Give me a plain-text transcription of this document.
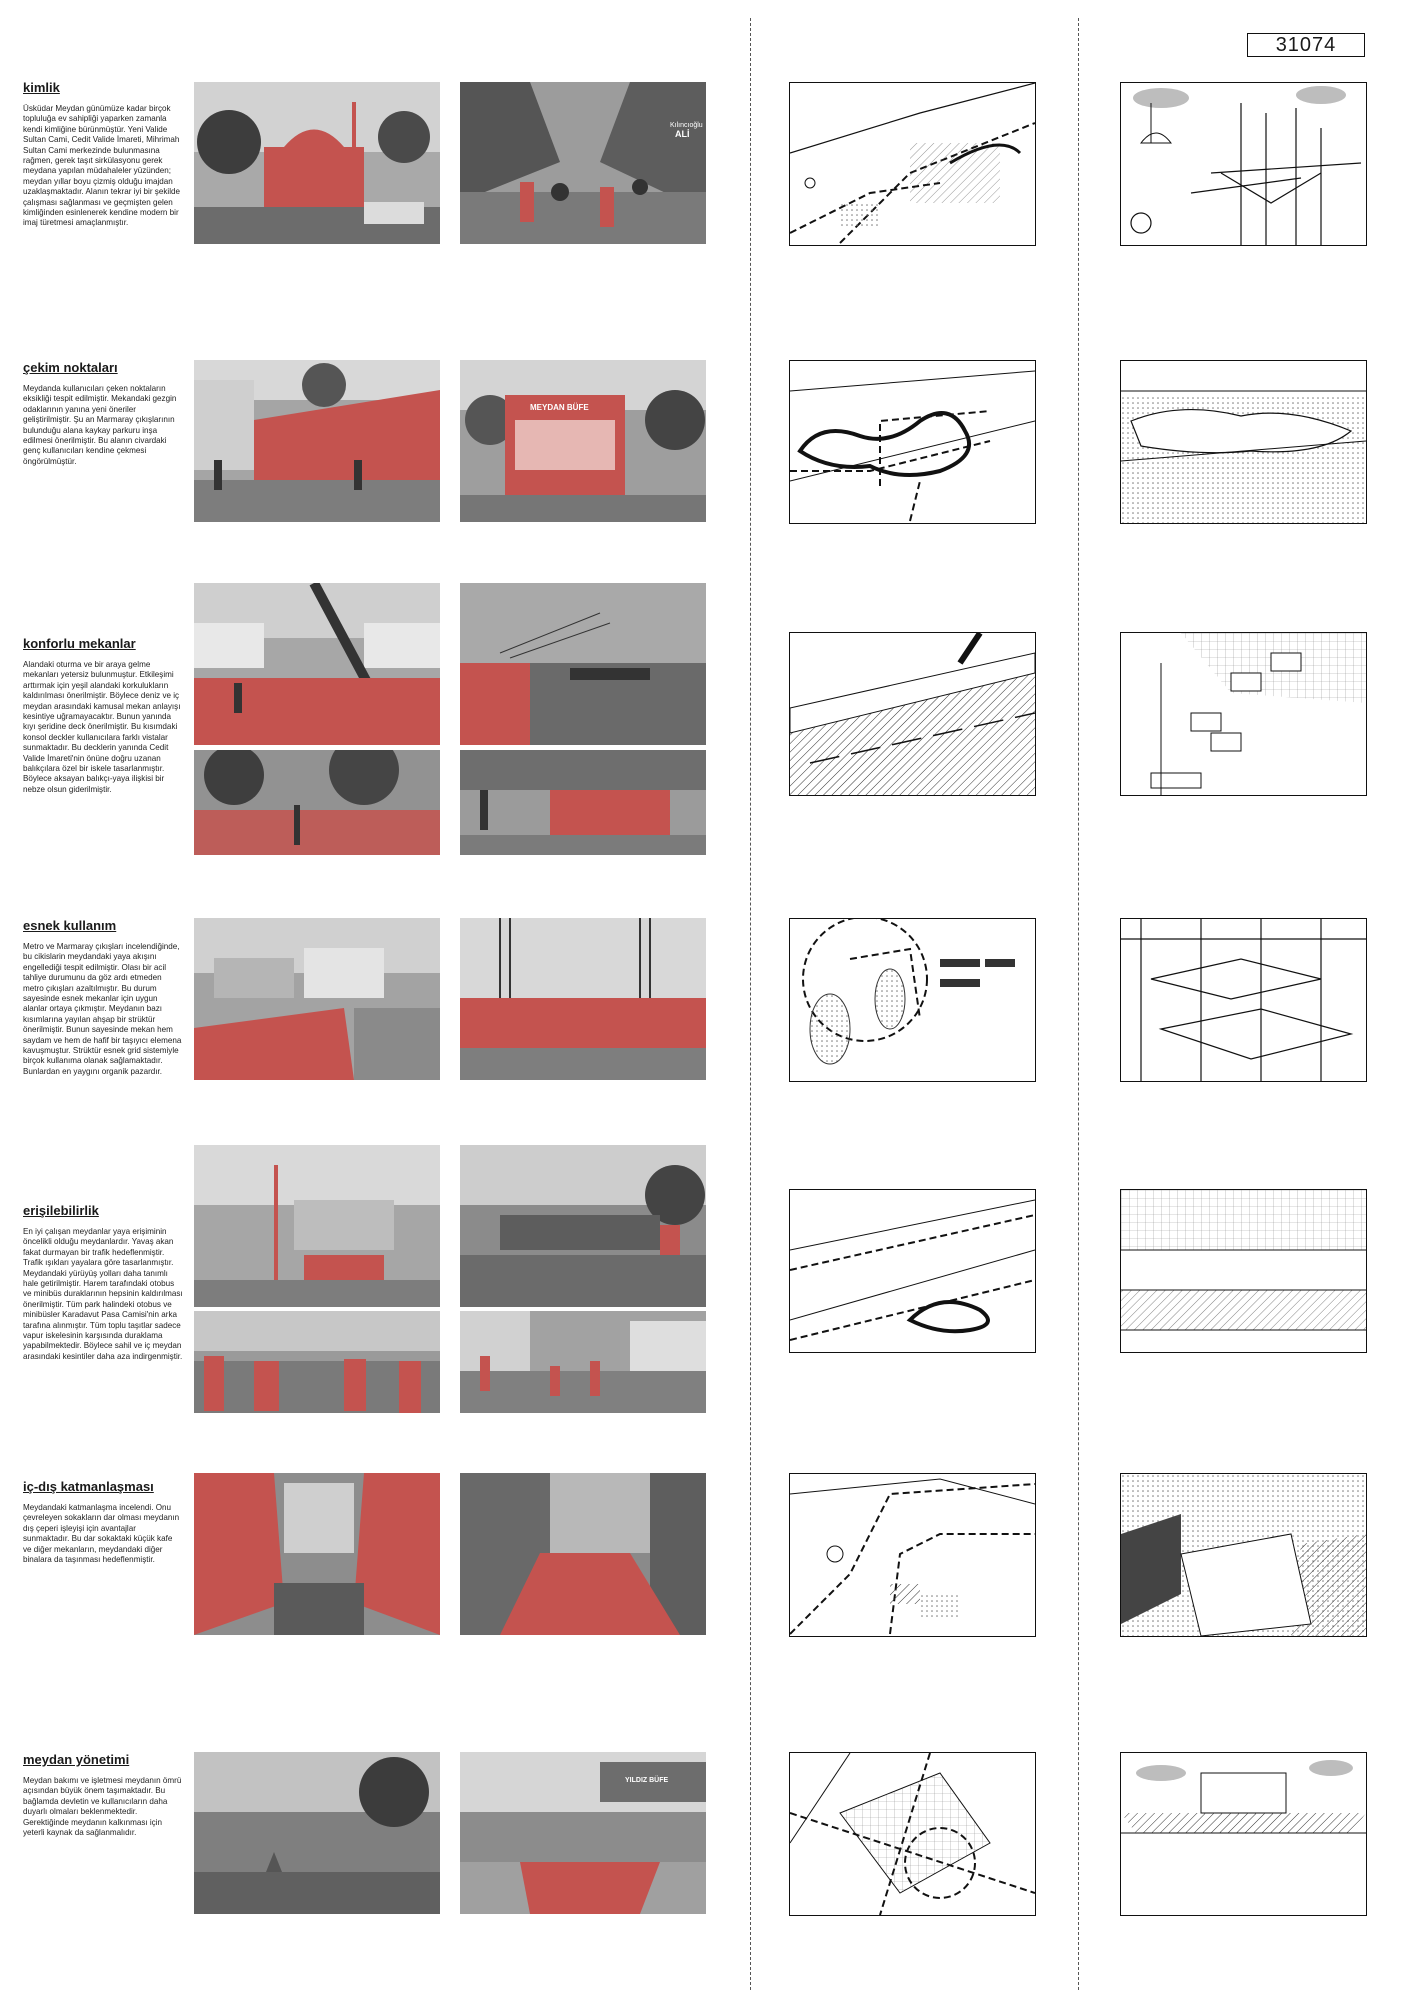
31074
kimlik
Üsküdar Meydan günümüze kadar birçok topluluğa ev sahipliği yaparken zamanla kendi kimliğine bürünmüştür. Yeni Valide Sultan Cami, Cedit Valide İmareti, Mihrimah Sultan Cami merkezinde bulunmasına rağmen, gerek taşıt sirkülasyonu gerek meydana yapılan müdahaleler yüzünden; meydan yıllar boyu çizmiş olduğu imajdan uzaklaşmaktadır. Alanın tekrar iyi bir şekilde çalışması sağlanması ve geçmişten gelen kimliğinden esinlenerek kendine modern bir imaj türetmesi amaçlanmıştır.
Kılıncıoğlu
ALİ
çekim noktaları
Meydanda kullanıcıları çeken noktaların eksikliği tespit edilmiştir. Mekandaki gezgin odaklarının yanına yeni öneriler geliştirilmiştir. Şu an Marmaray çıkışlarının bulunduğu alana kaykay parkuru inşa edilmesi önerilmiştir. Bu alanın civardaki genç kullanıcıları kendine çekmesi öngörülmüştür.
MEYDAN BÜFE
konforlu mekanlar
Alandaki oturma ve bir araya gelme mekanları yetersiz bulunmuştur. Etkileşimi arttırmak için yeşil alandaki korkulukların kaldırılması önerilmiştir. Böylece deniz ve iç meydan arasındaki kamusal mekan anlayışı kesintiye uğramayacaktır. Bunun yanında kıyı şeridine deck önerilmiştir. Bu kısımdaki konsol deckler kullanıcılara farklı vistalar sunmaktadır. Bu decklerin yanında Cedit Valide İmareti'nin önüne doğru uzanan balıkçılara özel bir iskele tasarlanmıştır. Böylece aksayan balıkçı-yaya ilişkisi bir nebze olsun giderilmiştir.
esnek kullanım
Metro ve Marmaray çıkışları incelendiğinde, bu cikislarin meydandaki yaya akışını engellediği tespit edilmiştir. Olası bir acil tahliye durumunu da göz ardı etmeden metro çıkışları azaltılmıştır. Bu durum sayesinde esnek mekanlar için uygun alanlar ortaya çıkmıştır. Meydanın bazı kısımlarına yayılan ahşap bir strüktür önerilmiştir. Bunun sayesinde mekan hem saydam ve hem de hafif bir taşıyıcı elemena kavuşmuştur. Strüktür esnek grid sistemiyle birçok kullanıma olanak sağlamaktadır. Bunlardan en yaygını organik pazardır.
erişilebilirlik
En iyi çalışan meydanlar yaya erişiminin öncelikli olduğu meydanlardır. Yavaş akan fakat durmayan bir trafik hedeflenmiştir. Trafik ışıkları yayalara göre tasarlanmıştır. Meydandaki yürüyüş yolları daha tanımlı hale getirilmiştir. Harem tarafındaki otobus ve minibüs duraklarının hepsinin kaldırılması önerilmiştir. Tüm park halindeki otobus ve minibüsler Karadavut Pasa Camisi'nin arka tarafına alınmıştır. Tüm toplu taşıtlar sadece vapur iskelesinin karşısında duraklama yapabilmektedir. Böylece sahil ve iç meydan arasındaki kesintiler daha aza indirgenmiştir.
iç-dış katmanlaşması
Meydandaki katmanlaşma incelendi. Onu çevreleyen sokakların dar olması meydanın dış çeperi işleyişi için avantajlar sunmaktadır. Bu dar sokaktaki küçük kafe ve diğer mekanların, meydandaki diğer binalara da taşınması hedeflenmiştir.
meydan yönetimi
Meydan bakımı ve işletmesi meydanın ömrü açısından büyük önem taşımaktadır. Bu bağlamda devletin ve kullanıcıların daha duyarlı olmaları beklenmektedir. Gerektiğinde meydanın kalkınması için yeterli kaynak da sağlanmalıdır.
YILDIZ BÜFE
